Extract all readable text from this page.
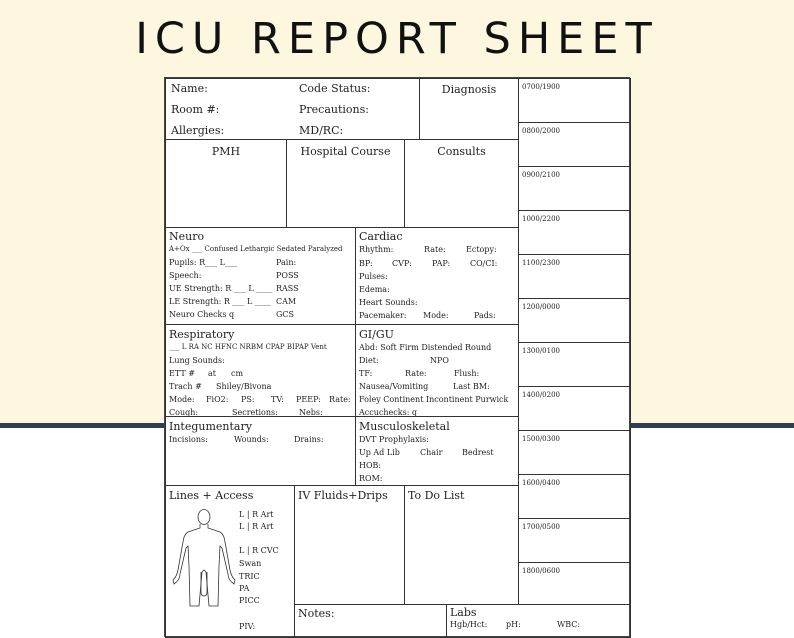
ICU REPORT SHEET
Name:	Code Status:
Room #:	Precautions:
Allergies:	MD/RC:
Diagnosis
PMH	Hospital Course	Consults
Neuro
A+Ox ___ Confused Lethargic Sedated Paralyzed
Pupils: R___ L___	Pain:
Speech:	POSS
UE Strength: R ___ L ____ RASS
LE Strength: R ___ L ____ CAM
Neuro Checks q	GCS
Cardiac
Rhythm:	Rate:	Ectopy:
BP: CVP:	PAP: CO/CI:
Pulses:
Edema:
Heart Sounds:
Pacemaker: Mode:	Pads:
Respiratory
___ L RA NC HFNC NRBM CPAP BIPAP Vent
Lung Sounds:
ETT # at cm
Trach # Shiley/Bivona
Mode: FiO2: PS: TV: PEEP: Rate:
Cough:	Secretions:	Nebs:
GI/GU
Abd: Soft Firm Distended Round
Diet:	NPO
TF:	Rate:	Flush:
Nausea/Vomiting	Last BM:
Foley Continent Incontinent Purwick
Accuchecks: q ____
Integumentary
Incisions:	Wounds:	Drains:
Musculoskeletal
DVT Prophylaxis:
Up Ad Lib	Chair Bedrest
HOB:
ROM:
Lines + Access
L | R Art
L | R Art
L | R CVC
Swan
TRIC
PA
PICC
PIV:
IV Fluids+Drips To Do List
Notes:	Labs
Hgb/Hct: pH:	WBC:
0700/1900
0800/2000
0900/2100
1000/2200
1100/2300
1200/0000
1300/0100
1400/0200
1500/0300
1600/0400
1700/0500
1800/0600
